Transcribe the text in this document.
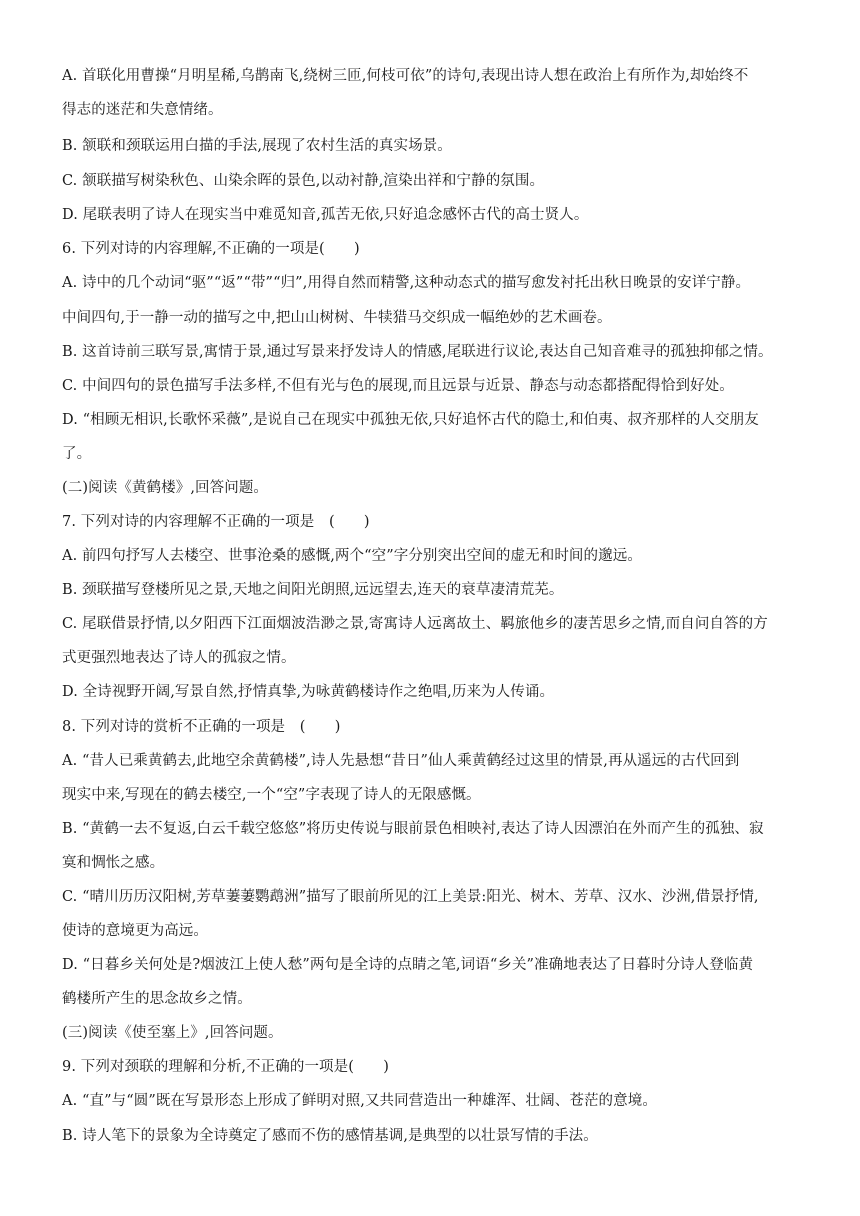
A. 首联化用曹操“月明星稀,乌鹊南飞,绕树三匝,何枝可依”的诗句,表现出诗人想在政治上有所作为,却始终不
得志的迷茫和失意情绪。
B. 颔联和颈联运用白描的手法,展现了农村生活的真实场景。
C. 颔联描写树染秋色、山染余晖的景色,以动衬静,渲染出祥和宁静的氛围。
D. 尾联表明了诗人在现实当中难觅知音,孤苦无依,只好追念感怀古代的高士贤人。
6. 下列对诗的内容理解,不正确的一项是(　　)
A. 诗中的几个动词“驱”“返”“带”“归”,用得自然而精警,这种动态式的描写愈发衬托出秋日晚景的安详宁静。
中间四句,于一静一动的描写之中,把山山树树、牛犊猎马交织成一幅绝妙的艺术画卷。
B. 这首诗前三联写景,寓情于景,通过写景来抒发诗人的情感,尾联进行议论,表达自己知音难寻的孤独抑郁之情。
C. 中间四句的景色描写手法多样,不但有光与色的展现,而且远景与近景、静态与动态都搭配得恰到好处。
D. “相顾无相识,长歌怀采薇”,是说自己在现实中孤独无依,只好追怀古代的隐士,和伯夷、叔齐那样的人交朋友
了。
(二)阅读《黄鹤楼》,回答问题。
7. 下列对诗的内容理解不正确的一项是　(　　)
A. 前四句抒写人去楼空、世事沧桑的感慨,两个“空”字分别突出空间的虚无和时间的邈远。
B. 颈联描写登楼所见之景,天地之间阳光朗照,远远望去,连天的衰草凄清荒芜。
C. 尾联借景抒情,以夕阳西下江面烟波浩渺之景,寄寓诗人远离故土、羁旅他乡的凄苦思乡之情,而自问自答的方
式更强烈地表达了诗人的孤寂之情。
D. 全诗视野开阔,写景自然,抒情真挚,为咏黄鹤楼诗作之绝唱,历来为人传诵。
8. 下列对诗的赏析不正确的一项是　(　　)
A. “昔人已乘黄鹤去,此地空余黄鹤楼”,诗人先悬想“昔日”仙人乘黄鹤经过这里的情景,再从遥远的古代回到
现实中来,写现在的鹤去楼空,一个“空”字表现了诗人的无限感慨。
B. “黄鹤一去不复返,白云千载空悠悠”将历史传说与眼前景色相映衬,表达了诗人因漂泊在外而产生的孤独、寂
寞和惆怅之感。
C. “晴川历历汉阳树,芳草萋萋鹦鹉洲”描写了眼前所见的江上美景:阳光、树木、芳草、汉水、沙洲,借景抒情,
使诗的意境更为高远。
D. “日暮乡关何处是?烟波江上使人愁”两句是全诗的点睛之笔,词语“乡关”准确地表达了日暮时分诗人登临黄
鹤楼所产生的思念故乡之情。
(三)阅读《使至塞上》,回答问题。
9. 下列对颈联的理解和分析,不正确的一项是(　　)
A. “直”与“圆”既在写景形态上形成了鲜明对照,又共同营造出一种雄浑、壮阔、苍茫的意境。
B. 诗人笔下的景象为全诗奠定了感而不伤的感情基调,是典型的以壮景写情的手法。
